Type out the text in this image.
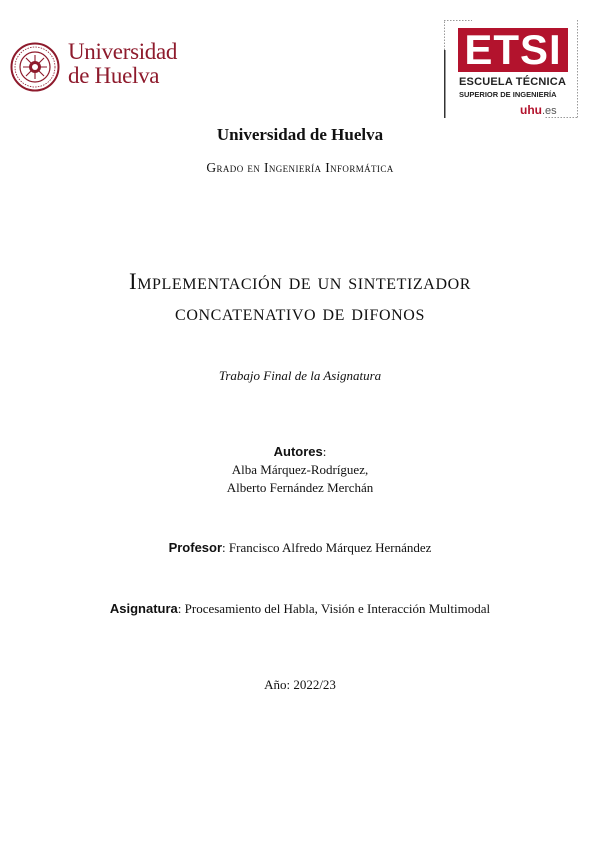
Universidad
de Huelva
ETSI
ESCUELA TÉCNICA
SUPERIOR DE INGENIERÍA
uhu.es
Universidad de Huelva
Grado en Ingeniería Informática
Implementación de un sintetizador
concatenativo de difonos
Trabajo Final de la Asignatura
Autores:
Alba Márquez-Rodríguez,
Alberto Fernández Merchán
Profesor: Francisco Alfredo Márquez Hernández
Asignatura: Procesamiento del Habla, Visión e Interacción Multimodal
Año: 2022/23
